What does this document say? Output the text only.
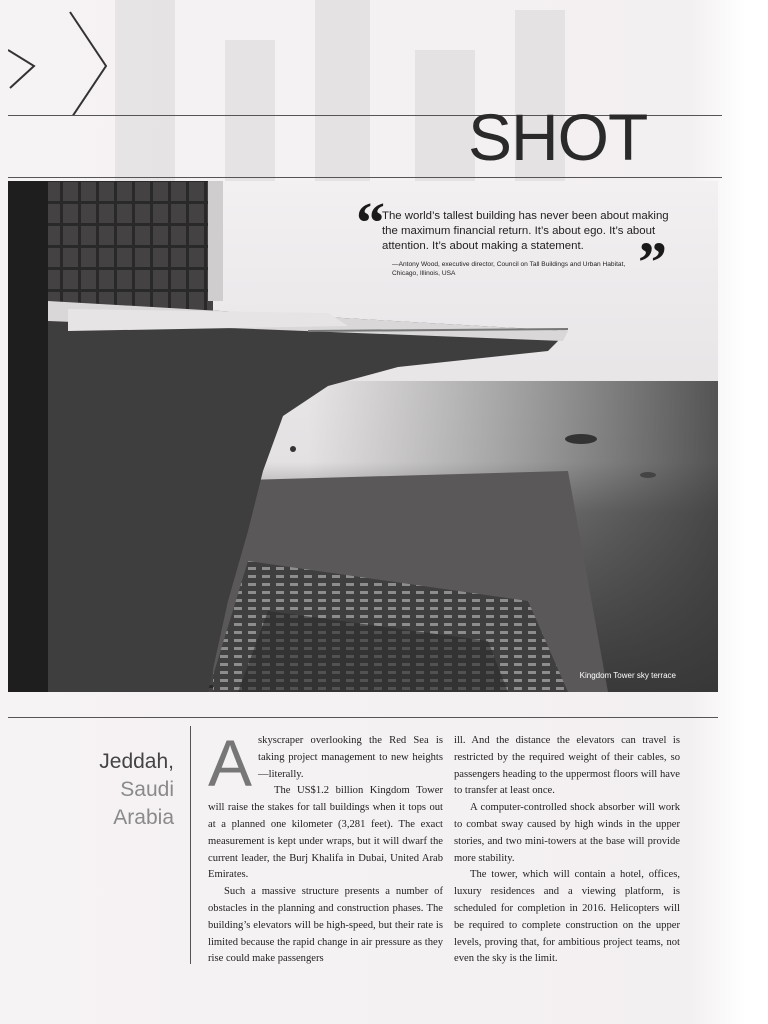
SHOT
“
The world’s tallest building has never been about making the maximum financial return. It’s about ego. It’s about attention. It’s about making a statement. ”
—Antony Wood, executive director, Council on Tall Buildings and Urban Habitat,
Chicago, Illinois, USA
Kingdom Tower sky terrace
Jeddah,
Saudi
Arabia
A skyscraper overlooking the Red Sea is taking project management to new heights—literally.

The US$1.2 billion Kingdom Tower will raise the stakes for tall buildings when it tops out at a planned one kilometer (3,281 feet). The exact measurement is kept under wraps, but it will dwarf the current leader, the Burj Khalifa in Dubai, United Arab Emirates.

Such a massive structure presents a number of obstacles in the planning and construction phases. The building’s elevators will be high-speed, but their rate is limited because the rapid change in air pressure as they rise could make passengers

ill. And the distance the elevators can travel is restricted by the required weight of their cables, so passengers heading to the uppermost floors will have to transfer at least once.

A computer-controlled shock absorber will work to combat sway caused by high winds in the upper stories, and two mini-towers at the base will provide more stability.

The tower, which will contain a hotel, offices, luxury residences and a viewing platform, is scheduled for completion in 2016. Helicopters will be required to complete construction on the upper levels, proving that, for ambitious project teams, not even the sky is the limit.
